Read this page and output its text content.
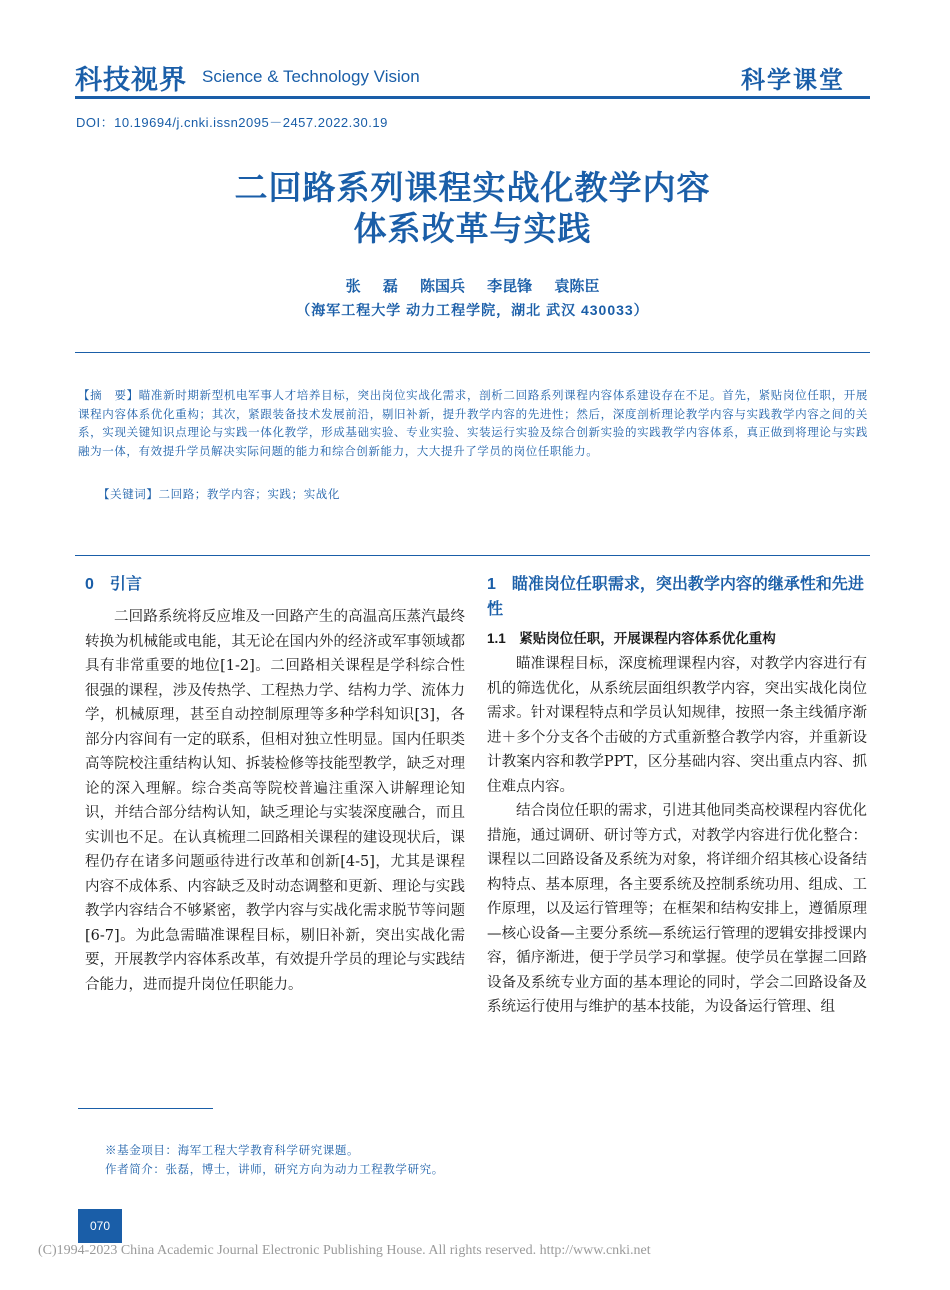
科技视界 Science & Technology Vision	科学课堂
DOI：10.19694/j.cnki.issn2095－2457.2022.30.19
二回路系列课程实战化教学内容
体系改革与实践
张 磊 陈国兵 李昆锋 袁陈臣
（海军工程大学 动力工程学院，湖北 武汉 430033）
【摘　要】瞄准新时期新型机电军事人才培养目标，突出岗位实战化需求，剖析二回路系列课程内容体系建设存在不足。首先，紧贴岗位任职，开展课程内容体系优化重构；其次，紧跟装备技术发展前沿，剔旧补新，提升教学内容的先进性；然后，深度剖析理论教学内容与实践教学内容之间的关系，实现关键知识点理论与实践一体化教学，形成基础实验、专业实验、实装运行实验及综合创新实验的实践教学内容体系，真正做到将理论与实践融为一体，有效提升学员解决实际问题的能力和综合创新能力，大大提升了学员的岗位任职能力。
【关键词】二回路；教学内容；实践；实战化
0　引言

二回路系统将反应堆及一回路产生的高温高压蒸汽最终转换为机械能或电能，其无论在国内外的经济或军事领域都具有非常重要的地位[1-2]。二回路相关课程是学科综合性很强的课程，涉及传热学、工程热力学、结构力学、流体力学，机械原理，甚至自动控制原理等多种学科知识[3]，各部分内容间有一定的联系，但相对独立性明显。国内任职类高等院校注重结构认知、拆装检修等技能型教学，缺乏对理论的深入理解。综合类高等院校普遍注重深入讲解理论知识，并结合部分结构认知，缺乏理论与实装深度融合，而且实训也不足。在认真梳理二回路相关课程的建设现状后，课程仍存在诸多问题亟待进行改革和创新[4-5]，尤其是课程内容不成体系、内容缺乏及时动态调整和更新、理论与实践教学内容结合不够紧密，教学内容与实战化需求脱节等问题[6-7]。为此急需瞄准课程目标，剔旧补新，突出实战化需要，开展教学内容体系改革，有效提升学员的理论与实践结合能力，进而提升岗位任职能力。

1　瞄准岗位任职需求，突出教学内容的继承性和先进性
1.1　紧贴岗位任职，开展课程内容体系优化重构

瞄准课程目标，深度梳理课程内容，对教学内容进行有机的筛选优化，从系统层面组织教学内容，突出实战化岗位需求。针对课程特点和学员认知规律，按照一条主线循序渐进＋多个分支各个击破的方式重新整合教学内容，并重新设计教案内容和教学PPT，区分基础内容、突出重点内容、抓住难点内容。

结合岗位任职的需求，引进其他同类高校课程内容优化措施，通过调研、研讨等方式，对教学内容进行优化整合：课程以二回路设备及系统为对象，将详细介绍其核心设备结构特点、基本原理，各主要系统及控制系统功用、组成、工作原理，以及运行管理等；在框架和结构安排上，遵循原理—核心设备—主要分系统—系统运行管理的逻辑安排授课内容，循序渐进，便于学员学习和掌握。使学员在掌握二回路设备及系统专业方面的基本理论的同时，学会二回路设备及系统运行使用与维护的基本技能，为设备运行管理、组

※基金项目：海军工程大学教育科学研究课题。
作者简介：张磊，博士，讲师，研究方向为动力工程教学研究。
070
(C)1994-2023 China Academic Journal Electronic Publishing House. All rights reserved. http://www.cnki.net
